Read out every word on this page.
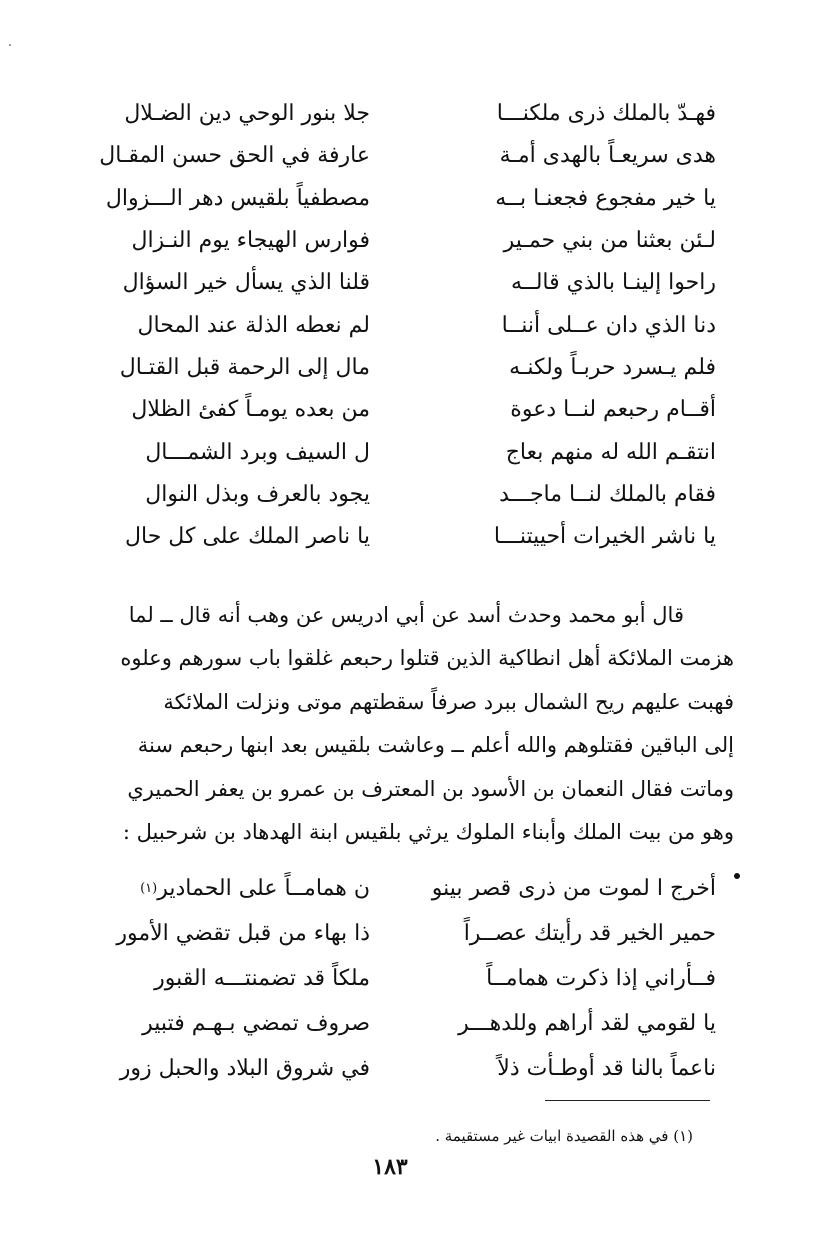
فهـدّ بالملك ذرى ملكنـــا
هدى سريعـاً بالهدى أمـة
يا خير مفجوع فجعنـا بــه
لـئن بعثنا من بني حمـير
راحوا إلينـا بالذي قالــه
دنا الذي دان عــلى أننــا
فلم يـسرد حربـاً ولكنـه
أقــام رحبعم لنــا دعوة
انتقـم الله له منهم بعاج
فقام بالملك لنــا ماجـــد
يا ناشر الخيرات أحييتنـــا
جلا بنور الوحي دين الضـلال
عارفة في الحق حسن المقـال
مصطفياً بلقيس دهر الـــزوال
فوارس الهيجاء يوم النـزال
قلنا الذي يسأل خير السؤال
لم نعطه الذلة عند المحال
مال إلى الرحمة قبل القتـال
من بعده يومـاً كفئ الظلال
ل السيف وبرد الشمـــال
يجود بالعرف وبذل النوال
يا ناصر الملك على كل حال
قال أبو محمد وحدث أسد عن أبي ادريس عن وهب أنه قال ــ لما
هزمت الملائكة أهل انطاكية الذين قتلوا رحبعم غلقوا باب سورهم وعلوه
فهبت عليهم ريح الشمال ببرد صرفاً سقطتهم موتى ونزلت الملائكة
إلى الباقين فقتلوهم والله أعلم ــ وعاشت بلقيس بعد ابنها رحبعم سنة
وماتت فقال النعمان بن الأسود بن المعترف بن عمرو بن يعفر الحميري
وهو من بيت الملك وأبناء الملوك يرثي بلقيس ابنة الهدهاد بن شرحبيل :
أخرج ا لموت من ذرى قصر بينو
حمير الخير قد رأيتك عصــراً
فــأراني إذا ذكرت همامــاً
يا لقومي لقد أراهم وللدهـــر
ناعماً بالنا قد أوطـأت ذلاً
ن همامــاً على الحمادير
(١)
ذا بهاء من قبل تقضي الأمور
ملكاً قد تضمنتـــه القبور
صروف تمضي بـهـم فتبير
في شروق البلاد والحبل زور
(١) في هذه القصيدة ابيات غير مستقيمة .
١٨٣
